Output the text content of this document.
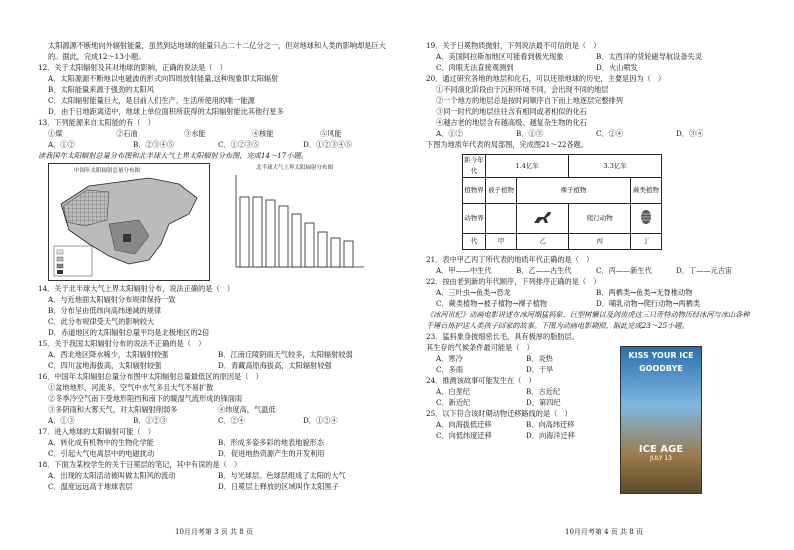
太阳源源不断地向外辐射能量，虽然到达地球的能量只占二十二亿分之一，但对地球和人类的影响却是巨大的。据此，完成12～13小题。
12．关于太阳辐射及其对地球的影响，正确的说法是（　）
A．太阳源源不断地以电磁波的形式向四周放射能量,这种现象即太阳辐射
B．太阳能量来源于强劲的太阳风
C．太阳辐射能量巨大，是目前人们生产、生活所使用的唯一能源
D．由于日地距离适中，地球上单位面积所获得的太阳辐射能比其他行星多
13．下列能源来自太阳能的有（　）
①煤	②石油	③水能	④核能	⑤风能
A．①②	B．②③④⑤	C．①②③⑤	D．①②③④⑤
读我国年太阳辐射总量分布图和北半球大气上界太阳辐射分布图，完成14～17小题。
中国年太阳辐射总量分布图	北半球大气上界太阳辐射分布图
14．关于北半球大气上界太阳辐射分布，说法正确的是（　）
A．与近地面太阳辐射分布规律保持一致
B．分布呈由低纬向高纬递减的规律
C．此分布规律受天气的影响较大
D．赤道地区的太阳辐射总量平均是北极地区的2倍
15．关于我国太阳辐射分布的说法不正确的是（　）
A．西北地区降水稀少，太阳辐射较强	B．江南丘陵阴雨天气较多，太阳辐射较弱
C．四川盆地海拔高，太阳辐射较强	D．青藏高原海拔高，太阳辐射较强
16．中国年太阳辐射总量分布图中太阳辐射总量最低区的原因是（　）
①盆地地形，河流多，空气中水气多且大气不易扩散
②冬季冷空气南下受地形阻挡和南下的暖湿气流形成的锋面雨
③多阴雨和大雾天气，对太阳辐射削弱多	④纬度高，气温低
A．①③	B．①②③	C．②④	D．①②④
17．进入地球的太阳辐射可能（　）
A．转化成有机物中的生物化学能	B．形成多姿多彩的地表地貌形态
C．引起大气电离层中的电磁扰动	D．促进地热资源产生的开发利用
18．下面为某校学生的关于日冕层的笔记，其中有误的是（　）
A．出现的太阳活动被叫做太阳风的流动	B．与光球层、色球层组成了太阳的大气
C．温度远远高于地球表层	D．日冕层上释放的区域叫作太阳黑子
19．关于日冕物质抛射，下列说法最不可信的是（　）
A．美国阿拉斯加地区可能看到极光现象	B．太西洋的货轮磁导航设备失灵
C．肉眼无法直接观测到	D．火山喷发
20．通过研究各地的地层和化石，可以还原地球的历史，主要是因为（　）
①不同演化阶段由于沉积环境不同，会出现不同的地层
②一个地方的地层总是按时间顺序自下而上地逐层完整排列
③同一时代的地层往往含有相同或者相似的化石
④越古老的地层含有越高级、越复杂生物的化石
A．①②	B．①③	C．②④	D．③④
下图为地质年代表的局部图，完成图21～22各题。
距今年代	1.4亿年		3.3亿年	
植物界	被子植物	裸子植物		蕨类植物
动物界			爬行动物	
代	甲	乙	丙	丁
21．表中甲乙丙丁所代表的地质年代正确的是（　）
A．甲——中生代	B．乙——古生代	C．丙——新生代	D．丁——元古宙
22．按由老到新的年代顺序，下列排序正确的是（　）
A．三叶虫→鱼类→恐龙	B．两栖类→鱼类→无脊椎动物
C．蕨类植物→被子植物→裸子植物	D．哺乳动物→爬行动物→两栖类
《冰河世纪》动画电影讲述在冰河期猛犸象、巨型树懒以及剑齿虎这三只奇特动物历经冰河与冰山各种千锤百炼护送人类孩子回家的故事。下图为动画电影剧照，据此完成23～25小题。
23．猛犸象身披细密长毛，具有极厚的脂肪层。
其生存的气候条件最可能是（　）
A．寒冷	B．炎热
C．多雨	D．干旱
24．推测该故事可能发生在（　）
A．白垩纪	B．古近纪
C．新近纪	D．第四纪
25．以下符合该时期动物迁移路线的是（　）
A．向海拔低迁移	B．向高纬迁移
C．向低纬度迁移	D．向海洋迁移
KISS YOUR ICE
GOODBYE
ICE AGE
JULY 13
10月月考第 3 页 共 8 页	10月月考第 4 页 共 8 页
